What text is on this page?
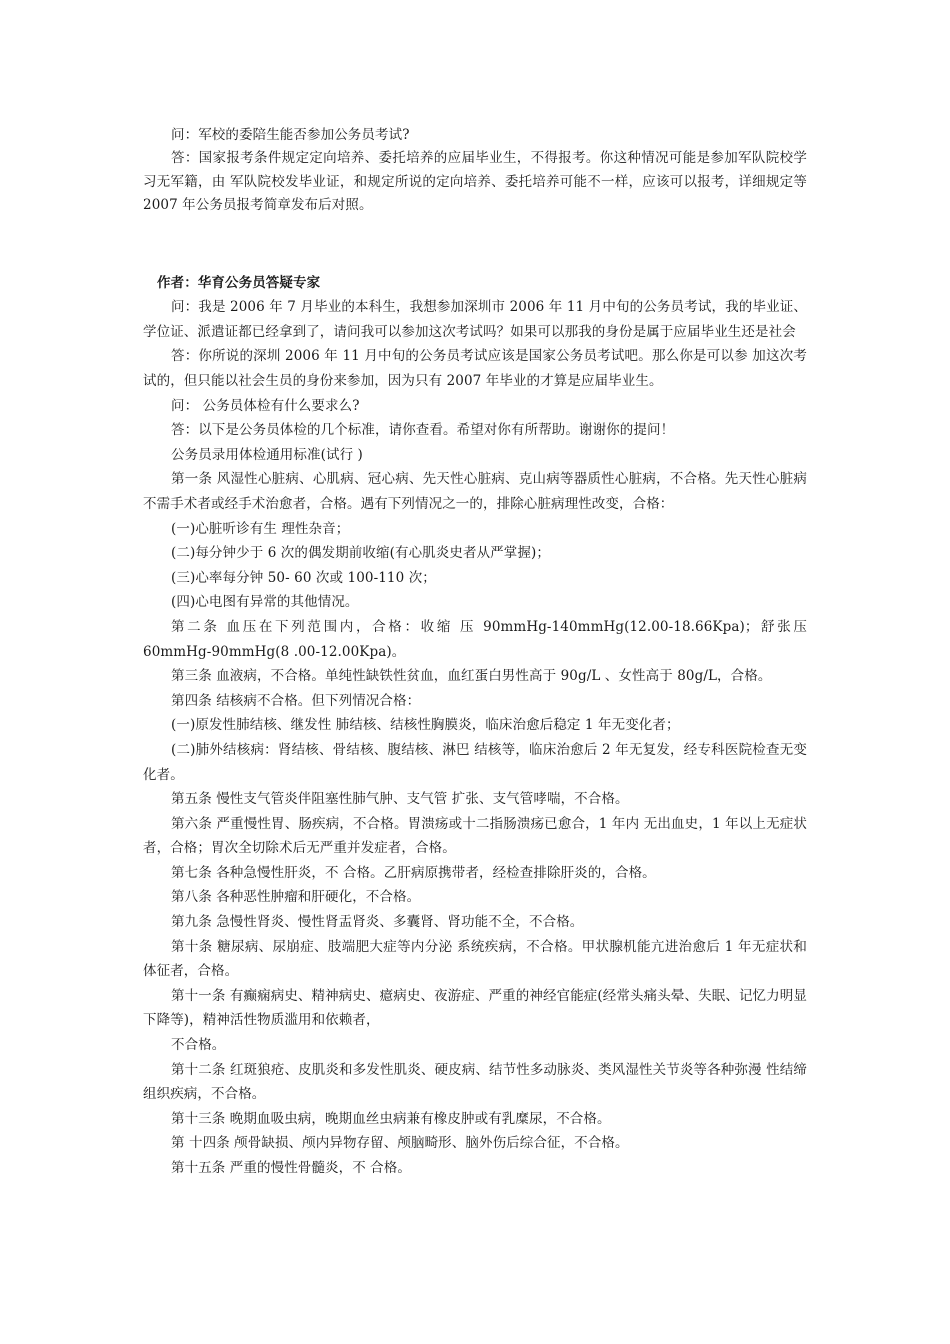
问：军校的委陪生能否参加公务员考试?

答：国家报考条件规定定向培养、委托培养的应届毕业生，不得报考。你这种情况可能是参加军队院校学习无军籍，由 军队院校发毕业证，和规定所说的定向培养、委托培养可能不一样，应该可以报考，详细规定等 2007 年公务员报考简章发布后对照。

作者：华育公务员答疑专家

问：我是 2006 年 7 月毕业的本科生，我想参加深圳市 2006 年 11 月中旬的公务员考试，我的毕业证、学位证、派遣证都已经拿到了，请问我可以参加这次考试吗？如果可以那我的身份是属于应届毕业生还是社会

答：你所说的深圳 2006 年 11 月中旬的公务员考试应该是国家公务员考试吧。那么你是可以参 加这次考试的，但只能以社会生员的身份来参加，因为只有 2007 年毕业的才算是应届毕业生。

问： 公务员体检有什么要求么?

答：以下是公务员体检的几个标准，请你查看。希望对你有所帮助。谢谢你的提问！

公务员录用体检通用标准(试行 )

第一条 风湿性心脏病、心肌病、冠心病、先天性心脏病、克山病等器质性心脏病，不合格。先天性心脏病不需手术者或经手术治愈者，合格。遇有下列情况之一的，排除心脏病理性改变，合格：

(一)心脏听诊有生 理性杂音；

(二)每分钟少于 6 次的偶发期前收缩(有心肌炎史者从严掌握)；

(三)心率每分钟 50- 60 次或 100-110 次；

(四)心电图有异常的其他情况。

第二条 血压在下列范围内，合格：收缩 压 90mmHg-140mmHg(12.00-18.66Kpa)；舒张压 60mmHg-90mmHg(8 .00-12.00Kpa)。

第三条 血液病，不合格。单纯性缺铁性贫血，血红蛋白男性高于 90g/L 、女性高于 80g/L，合格。

第四条 结核病不合格。但下列情况合格：

(一)原发性肺结核、继发性 肺结核、结核性胸膜炎，临床治愈后稳定 1 年无变化者；

(二)肺外结核病：肾结核、骨结核、腹结核、淋巴 结核等，临床治愈后 2 年无复发，经专科医院检查无变化者。

第五条 慢性支气管炎伴阻塞性肺气肿、支气管 扩张、支气管哮喘，不合格。

第六条 严重慢性胃、肠疾病，不合格。胃溃疡或十二指肠溃疡已愈合，1 年内 无出血史，1 年以上无症状者，合格；胃次全切除术后无严重并发症者，合格。

第七条 各种急慢性肝炎，不 合格。乙肝病原携带者，经检查排除肝炎的，合格。

第八条 各种恶性肿瘤和肝硬化，不合格。

第九条 急慢性肾炎、慢性肾盂肾炎、多囊肾、肾功能不全，不合格。

第十条 糖尿病、尿崩症、肢端肥大症等内分泌 系统疾病，不合格。甲状腺机能亢进治愈后 1 年无症状和体征者，合格。

第十一条 有癫痫病史、精神病史、癔病史、夜游症、严重的神经官能症(经常头痛头晕、失眠、记忆力明显下降等)，精神活性物质滥用和依赖者，

不合格。

第十二条 红斑狼疮、皮肌炎和多发性肌炎、硬皮病、结节性多动脉炎、类风湿性关节炎等各种弥漫 性结缔组织疾病，不合格。

第十三条 晚期血吸虫病，晚期血丝虫病兼有橡皮肿或有乳糜尿，不合格。

第 十四条 颅骨缺损、颅内异物存留、颅脑畸形、脑外伤后综合征，不合格。

第十五条 严重的慢性骨髓炎，不 合格。
